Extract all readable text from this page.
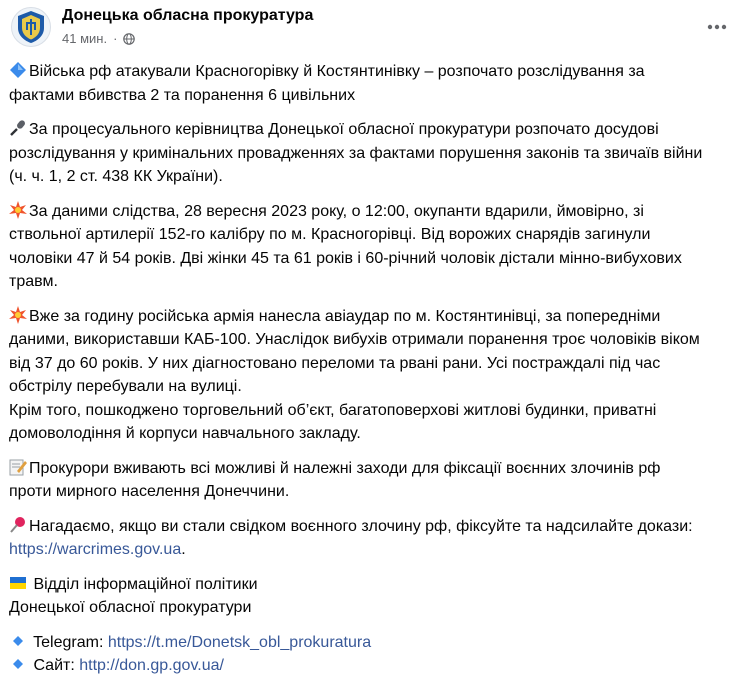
Донецька обласна прокуратура
41 мин. ·
Війська рф атакували Красногорівку й Костянтинівку – розпочато розслідування за
фактами вбивства 2 та поранення 6 цивільних
За процесуального керівництва Донецької обласної прокуратури розпочато досудові
розслідування у кримінальних провадженнях за фактами порушення законів та звичаїв війни
(ч. ч. 1, 2 ст. 438 КК України).
За даними слідства, 28 вересня 2023 року, о 12:00, окупанти вдарили, ймовірно, зі
ствольної артилерії 152-го калібру по м. Красногорівці. Від ворожих снарядів загинули
чоловіки 47 й 54 років. Дві жінки 45 та 61 років і 60-річний чоловік дістали мінно-вибухових
травм.
Вже за годину російська армія нанесла авіаудар по м. Костянтинівці, за попередніми
даними, використавши КАБ-100. Унаслідок вибухів отримали поранення троє чоловіків віком
від 37 до 60 років. У них діагностовано переломи та рвані рани. Усі постраждалі під час
обстрілу перебували на вулиці.
Крім того, пошкоджено торговельний об’єкт, багатоповерхові житлові будинки, приватні
домоволодіння й корпуси навчального закладу.
Прокурори вживають всі можливі й належні заходи для фіксації воєнних злочинів рф
проти мирного населення Донеччини.
Нагадаємо, якщо ви стали свідком воєнного злочину рф, фіксуйте та надсилайте докази:
https://warcrimes.gov.ua.
Відділ інформаційної політики
Донецької обласної прокуратури
Telegram: https://t.me/Donetsk_obl_prokuratura
Сайт: http://don.gp.gov.ua/
